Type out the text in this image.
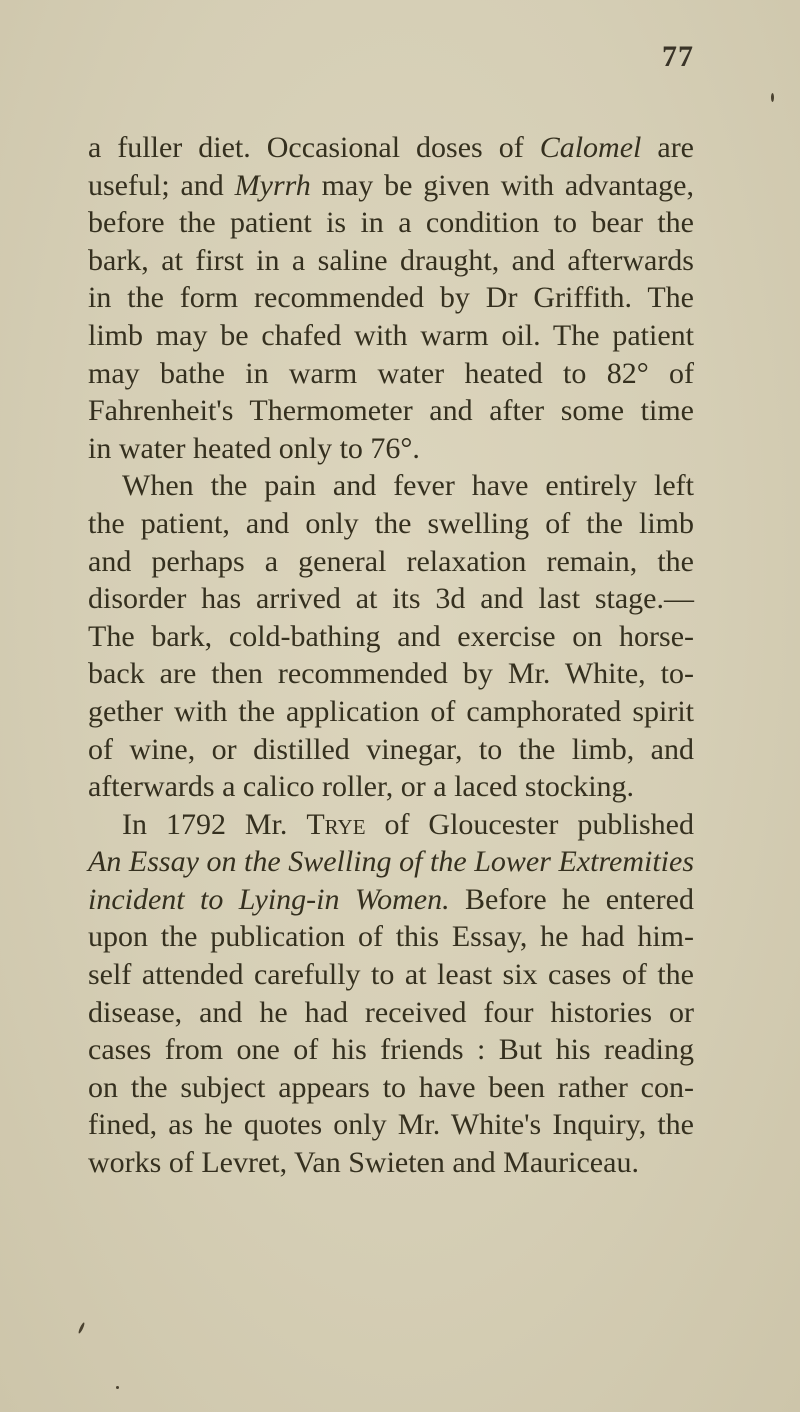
77
a fuller diet. Occasional doses of Calomel are
useful; and Myrrh may be given with advantage,
before the patient is in a condition to bear the
bark, at first in a saline draught, and afterwards
in the form recommended by Dr Griffith. The
limb may be chafed with warm oil. The patient
may bathe in warm water heated to 82° of
Fahrenheit's Thermometer and after some time
in water heated only to 76°.
When the pain and fever have entirely left
the patient, and only the swelling of the limb
and perhaps a general relaxation remain, the
disorder has arrived at its 3d and last stage.—
The bark, cold-bathing and exercise on horse-
back are then recommended by Mr. White, to-
gether with the application of camphorated spirit
of wine, or distilled vinegar, to the limb, and
afterwards a calico roller, or a laced stocking.
In 1792 Mr. Trye of Gloucester published
An Essay on the Swelling of the Lower Extremities
incident to Lying-in Women. Before he entered
upon the publication of this Essay, he had him-
self attended carefully to at least six cases of the
disease, and he had received four histories or
cases from one of his friends : But his reading
on the subject appears to have been rather con-
fined, as he quotes only Mr. White's Inquiry, the
works of Levret, Van Swieten and Mauriceau.
